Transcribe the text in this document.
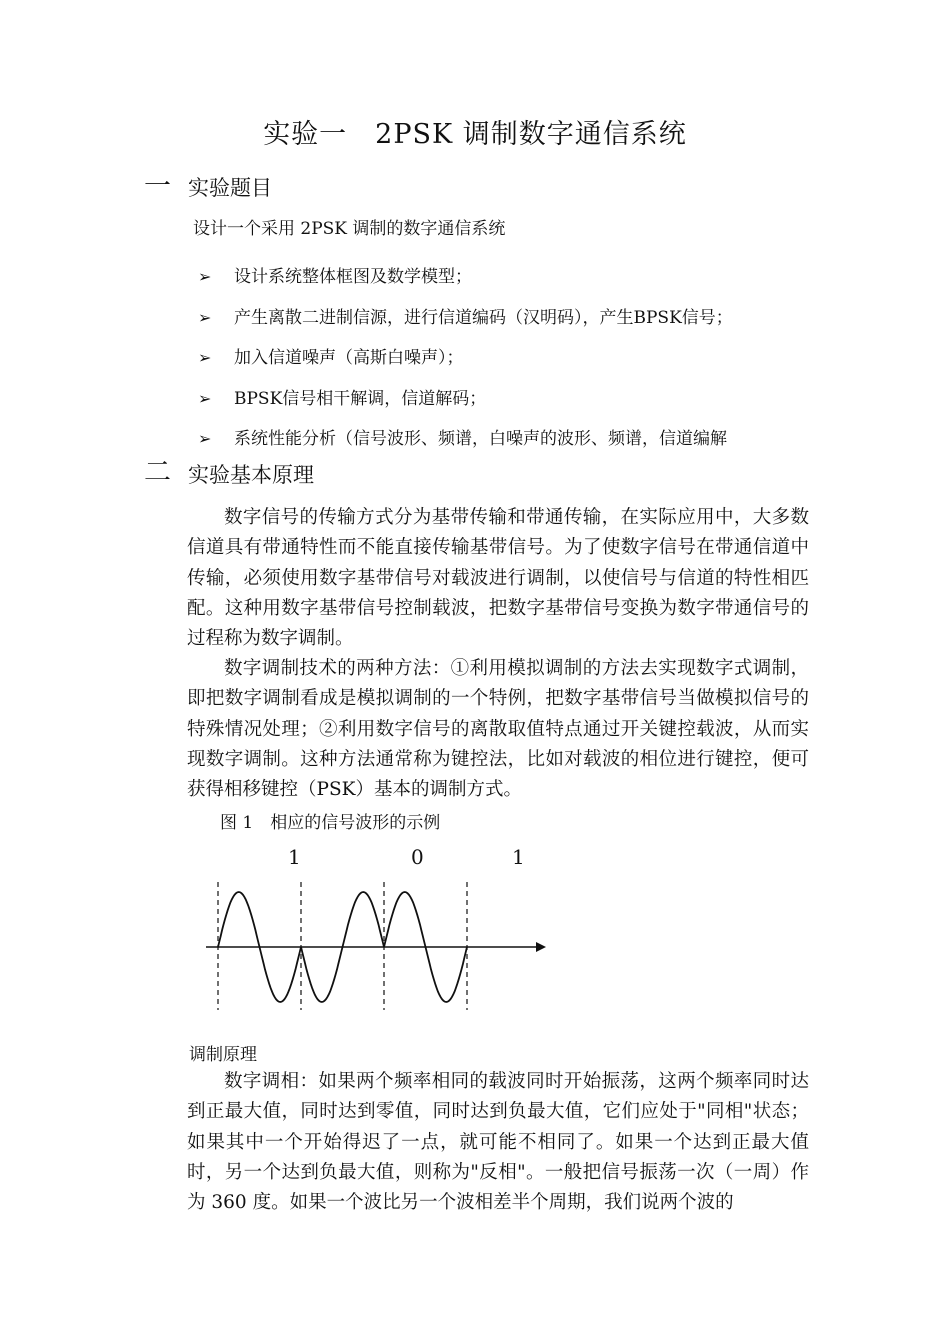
实验一　2PSK 调制数字通信系统
一 实验题目
设计一个采用 2PSK 调制的数字通信系统
➢ 设计系统整体框图及数学模型；
➢ 产生离散二进制信源，进行信道编码（汉明码），产生BPSK信号；
➢ 加入信道噪声（高斯白噪声）；
➢ BPSK信号相干解调，信道解码；
➢ 系统性能分析（信号波形、频谱，白噪声的波形、频谱，信道编解
二 实验基本原理

数字信号的传输方式分为基带传输和带通传输，在实际应用中，大多数信道具有带通特性而不能直接传输基带信号。为了使数字信号在带通信道中传输，必须使用数字基带信号对载波进行调制，以使信号与信道的特性相匹配。这种用数字基带信号控制载波，把数字基带信号变换为数字带通信号的过程称为数字调制。

数字调制技术的两种方法：①利用模拟调制的方法去实现数字式调制，即把数字调制看成是模拟调制的一个特例，把数字基带信号当做模拟信号的特殊情况处理；②利用数字信号的离散取值特点通过开关键控载波，从而实现数字调制。这种方法通常称为键控法，比如对载波的相位进行键控，便可获得相移键控（PSK）基本的调制方式。

图 1　相应的信号波形的示例
1	0	1
调制原理

数字调相：如果两个频率相同的载波同时开始振荡，这两个频率同时达到正最大值，同时达到零值，同时达到负最大值，它们应处于"同相"状态；如果其中一个开始得迟了一点，就可能不相同了。如果一个达到正最大值时，另一个达到负最大值，则称为"反相"。一般把信号振荡一次（一周）作为 360 度。如果一个波比另一个波相差半个周期，我们说两个波的
